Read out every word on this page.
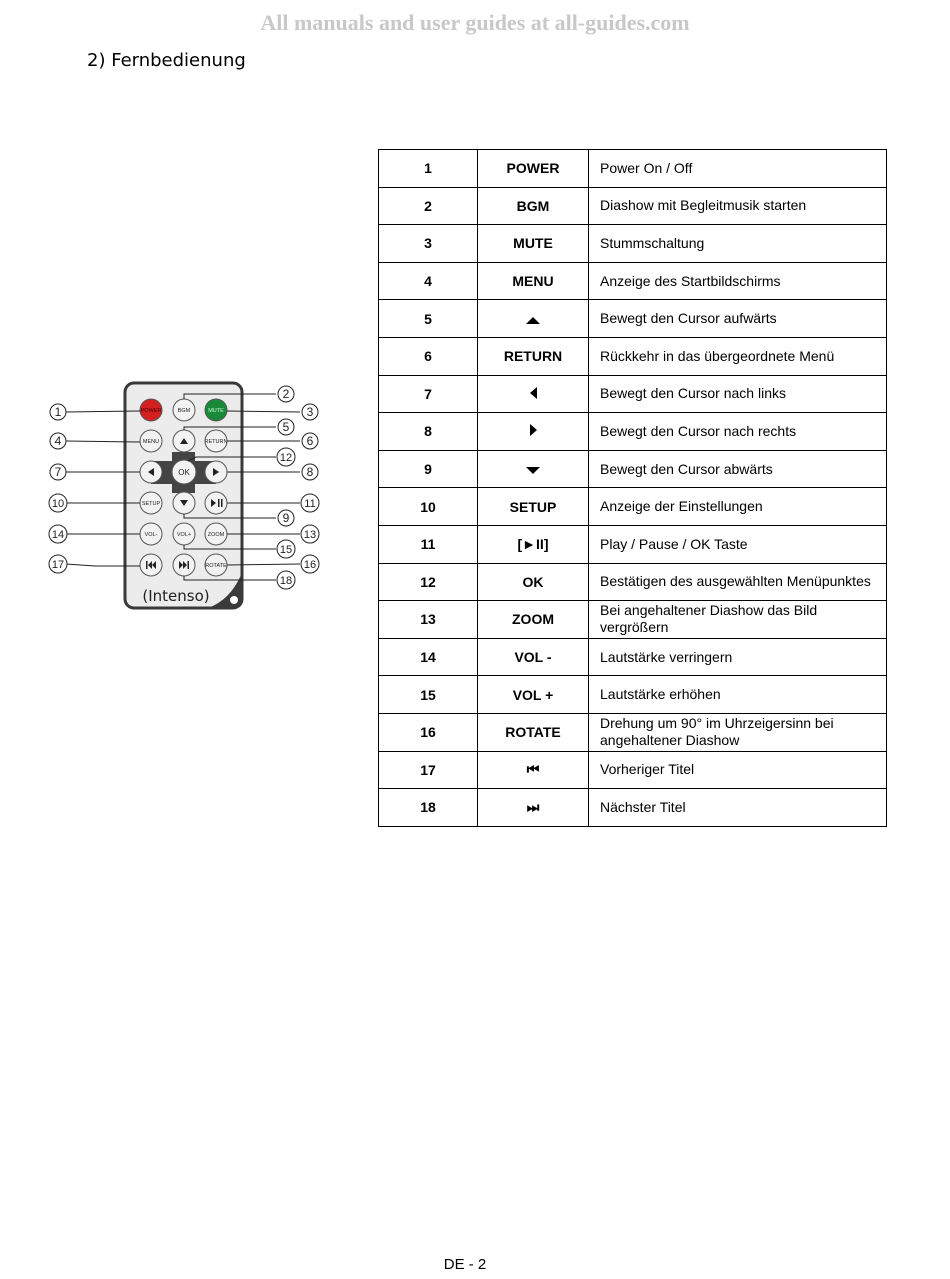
All manuals and user guides at all-guides.com
2) Fernbedienung
POWER	BGM	MUTE
MENU	RETURN
OK
SETUP
VOL-	VOL+	ZOOM
ROTATE
(Intenso)
1
2
3
4
5
6
7	8
9
10	11
12
13
14
15
16
17
18
1	POWER	Power On / Off
2	BGM	Diashow mit Begleitmusik starten
3	MUTE	Stummschaltung
4	MENU	Anzeige des Startbildschirms
5		Bewegt den Cursor aufwärts
6	RETURN	Rückkehr in das übergeordnete Menü
7		Bewegt den Cursor nach links
8		Bewegt den Cursor nach rechts
9		Bewegt den Cursor abwärts
10	SETUP	Anzeige der Einstellungen
11	[►II]	Play / Pause / OK Taste
12	OK	Bestätigen des ausgewählten Menüpunktes
13	ZOOM	Bei angehaltener Diashow das Bild vergrößern
14	VOL -	Lautstärke verringern
15	VOL +	Lautstärke erhöhen
16	ROTATE	Drehung um 90° im Uhrzeigersinn bei angehaltener Diashow
17	⏮	Vorheriger Titel
18	⏭	Nächster Titel
DE - 2
